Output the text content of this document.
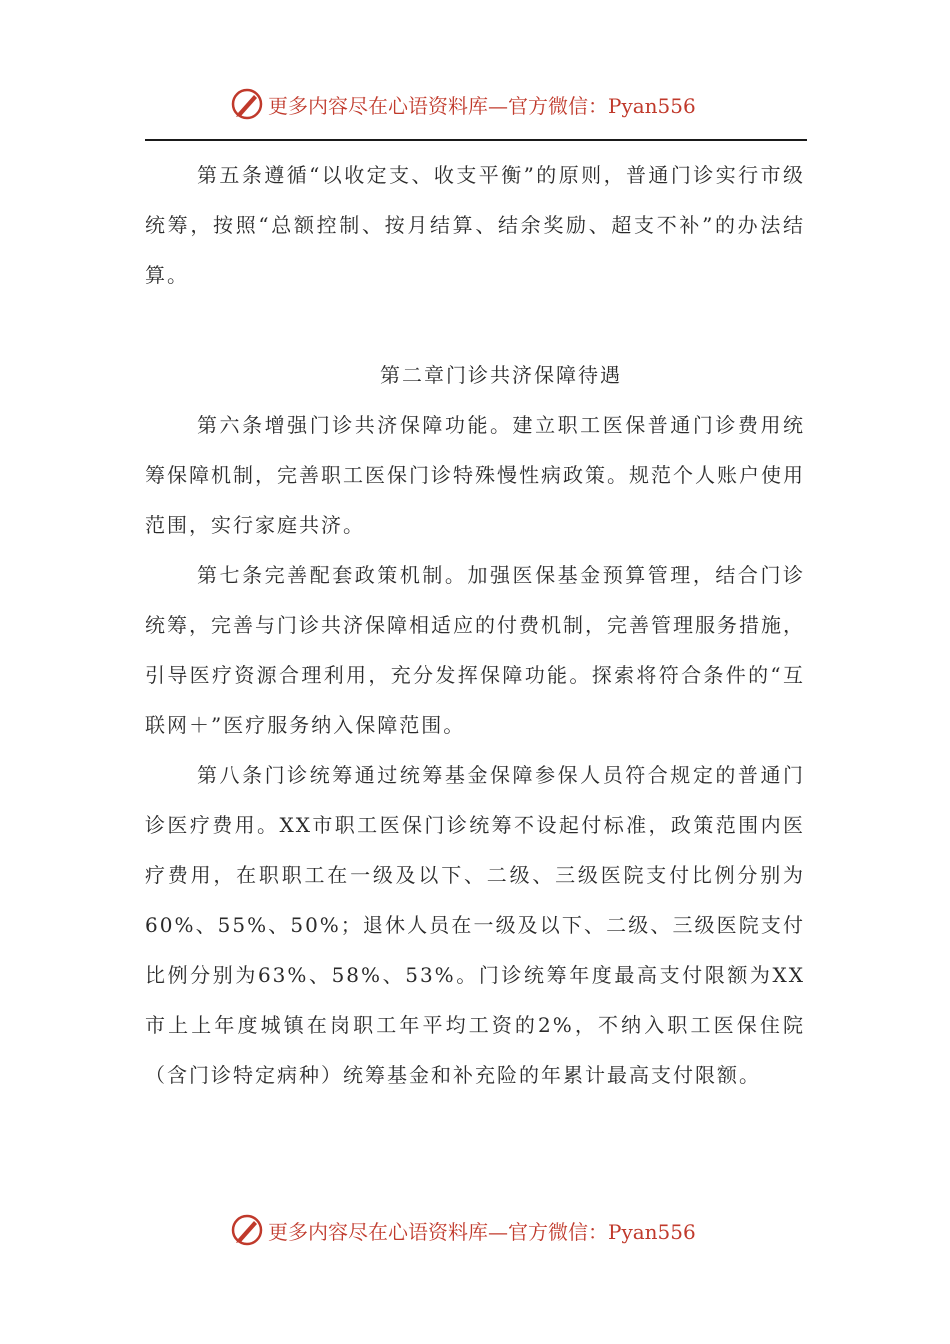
更多内容尽在心语资料库—官方微信：Pyan556

第五条遵循“以收定支、收支平衡”的原则，普通门诊实行市级统筹，按照“总额控制、按月结算、结余奖励、超支不补”的办法结算。

第二章门诊共济保障待遇

第六条增强门诊共济保障功能。建立职工医保普通门诊费用统筹保障机制，完善职工医保门诊特殊慢性病政策。规范个人账户使用范围，实行家庭共济。

第七条完善配套政策机制。加强医保基金预算管理，结合门诊统筹，完善与门诊共济保障相适应的付费机制，完善管理服务措施，引导医疗资源合理利用，充分发挥保障功能。探索将符合条件的“互联网＋”医疗服务纳入保障范围。

第八条门诊统筹通过统筹基金保障参保人员符合规定的普通门诊医疗费用。XX市职工医保门诊统筹不设起付标准，政策范围内医疗费用，在职职工在一级及以下、二级、三级医院支付比例分别为60%、55%、50%；退休人员在一级及以下、二级、三级医院支付比例分别为63%、58%、53%。门诊统筹年度最高支付限额为XX市上上年度城镇在岗职工年平均工资的2%，不纳入职工医保住院（含门诊特定病种）统筹基金和补充险的年累计最高支付限额。

更多内容尽在心语资料库—官方微信：Pyan556
